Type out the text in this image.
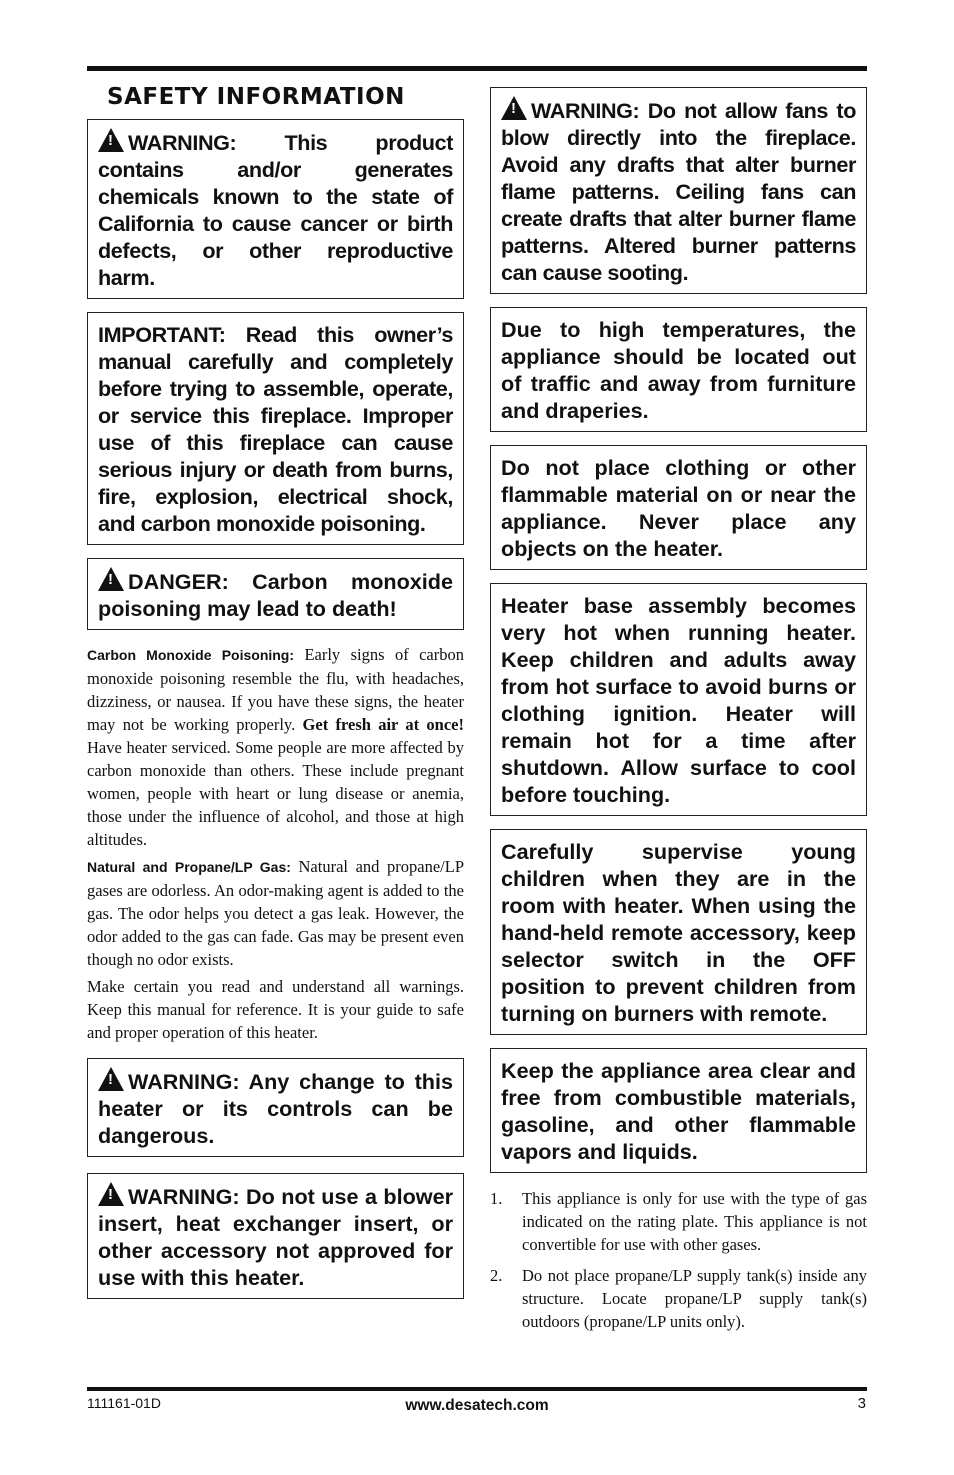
SAFETY INFORMATION
!WARNING: This product contains and/or generates chemicals known to the state of California to cause cancer or birth defects, or other reproductive harm.
IMPORTANT: Read this owner’s manual carefully and completely before trying to assemble, operate, or service this fireplace. Improper use of this fireplace can cause serious injury or death from burns, fire, explosion, electrical shock, and carbon monoxide poisoning.
!DANGER: Carbon monoxide poisoning may lead to death!

Carbon Monoxide Poisoning: Early signs of carbon monoxide poisoning resemble the flu, with headaches, dizziness, or nausea. If you have these signs, the heater may not be working properly. Get fresh air at once! Have heater serviced. Some people are more affected by carbon monoxide than others. These include pregnant women, people with heart or lung disease or anemia, those under the influence of alcohol, and those at high altitudes.

Natural and Propane/LP Gas: Natural and propane/LP gases are odorless. An odor-making agent is added to the gas. The odor helps you detect a gas leak. However, the odor added to the gas can fade. Gas may be present even though no odor exists.

Make certain you read and understand all warnings. Keep this manual for reference. It is your guide to safe and proper operation of this heater.

!WARNING: Any change to this heater or its controls can be dangerous.
!WARNING: Do not use a blower insert, heat exchanger insert, or other accessory not approved for use with this heater.
!WARNING: Do not allow fans to blow directly into the fireplace. Avoid any drafts that alter burner flame patterns. Ceiling fans can create drafts that alter burner flame patterns. Altered burner patterns can cause sooting.
Due to high temperatures, the appliance should be located out of traffic and away from furniture and draperies.
Do not place clothing or other flammable material on or near the appliance. Never place any objects on the heater.
Heater base assembly becomes very hot when running heater. Keep children and adults away from hot surface to avoid burns or clothing ignition. Heater will remain hot for a time after shutdown. Allow surface to cool before touching.
Carefully supervise young children when they are in the room with heater. When using the hand-held remote accessory, keep selector switch in the OFF position to prevent children from turning on burners with remote.
Keep the appliance area clear and free from combustible materials, gasoline, and other flammable vapors and liquids.
1. This appliance is only for use with the type of gas indicated on the rating plate. This appliance is not convertible for use with other gases.
2. Do not place propane/LP supply tank(s) inside any structure. Locate propane/LP supply tank(s) outdoors (propane/LP units only).
111161-01D	www.desatech.com	3
